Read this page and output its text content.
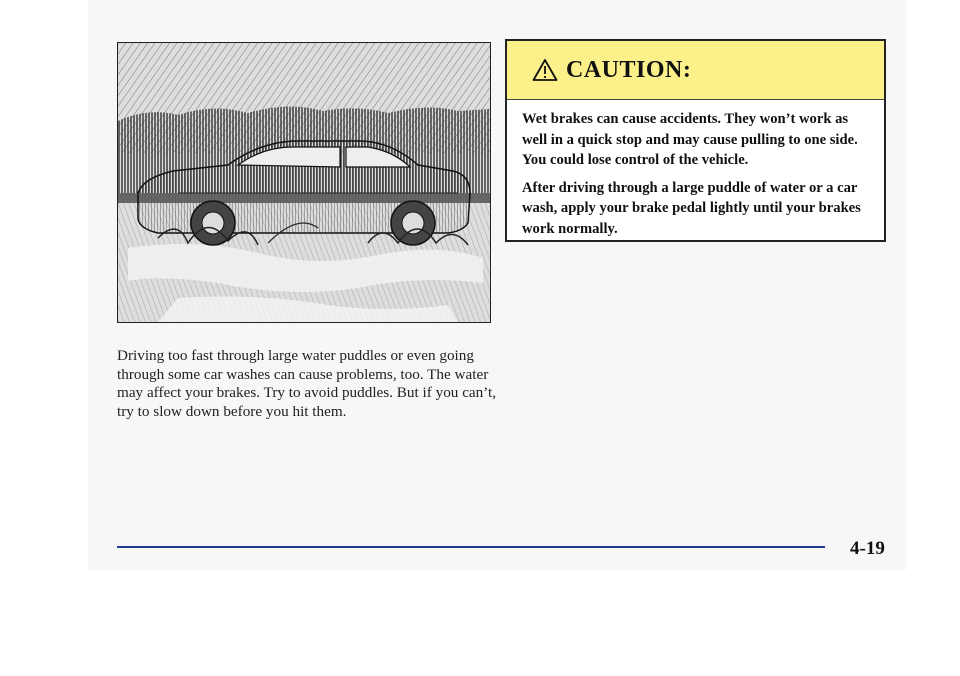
Driving too fast through large water puddles or even going through some car washes can cause problems, too. The water may affect your brakes. Try to avoid puddles. But if you can’t, try to slow down before you hit them.

CAUTION:

Wet brakes can cause accidents. They won’t work as well in a quick stop and may cause pulling to one side. You could lose control of the vehicle.

After driving through a large puddle of water or a car wash, apply your brake pedal lightly until your brakes work normally.

4-19
